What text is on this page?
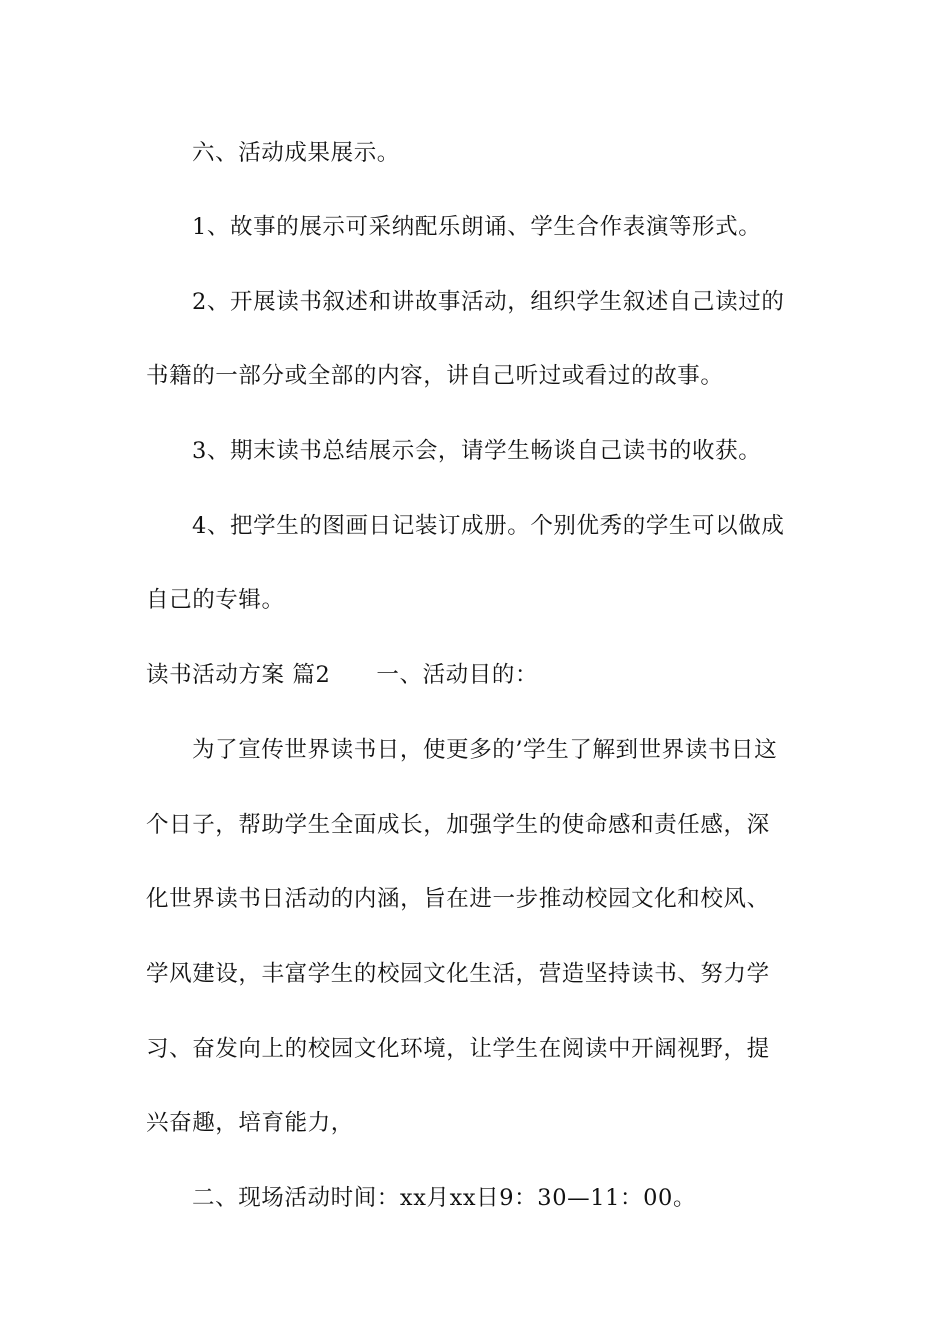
六、活动成果展示。
1、故事的展示可采纳配乐朗诵、学生合作表演等形式。
2、开展读书叙述和讲故事活动，组织学生叙述自己读过的
书籍的一部分或全部的内容，讲自己听过或看过的故事。
3、期末读书总结展示会，请学生畅谈自己读书的收获。
4、把学生的图画日记装订成册。个别优秀的学生可以做成
自己的专辑。
读书活动方案 篇2 一、活动目的：
为了宣传世界读书日，使更多的’学生了解到世界读书日这
个日子，帮助学生全面成长，加强学生的使命感和责任感，深
化世界读书日活动的内涵，旨在进一步推动校园文化和校风、
学风建设，丰富学生的校园文化生活，营造坚持读书、努力学
习、奋发向上的校园文化环境，让学生在阅读中开阔视野，提
兴奋趣，培育能力，
二、现场活动时间：xx月xx日9：30—11：00。
